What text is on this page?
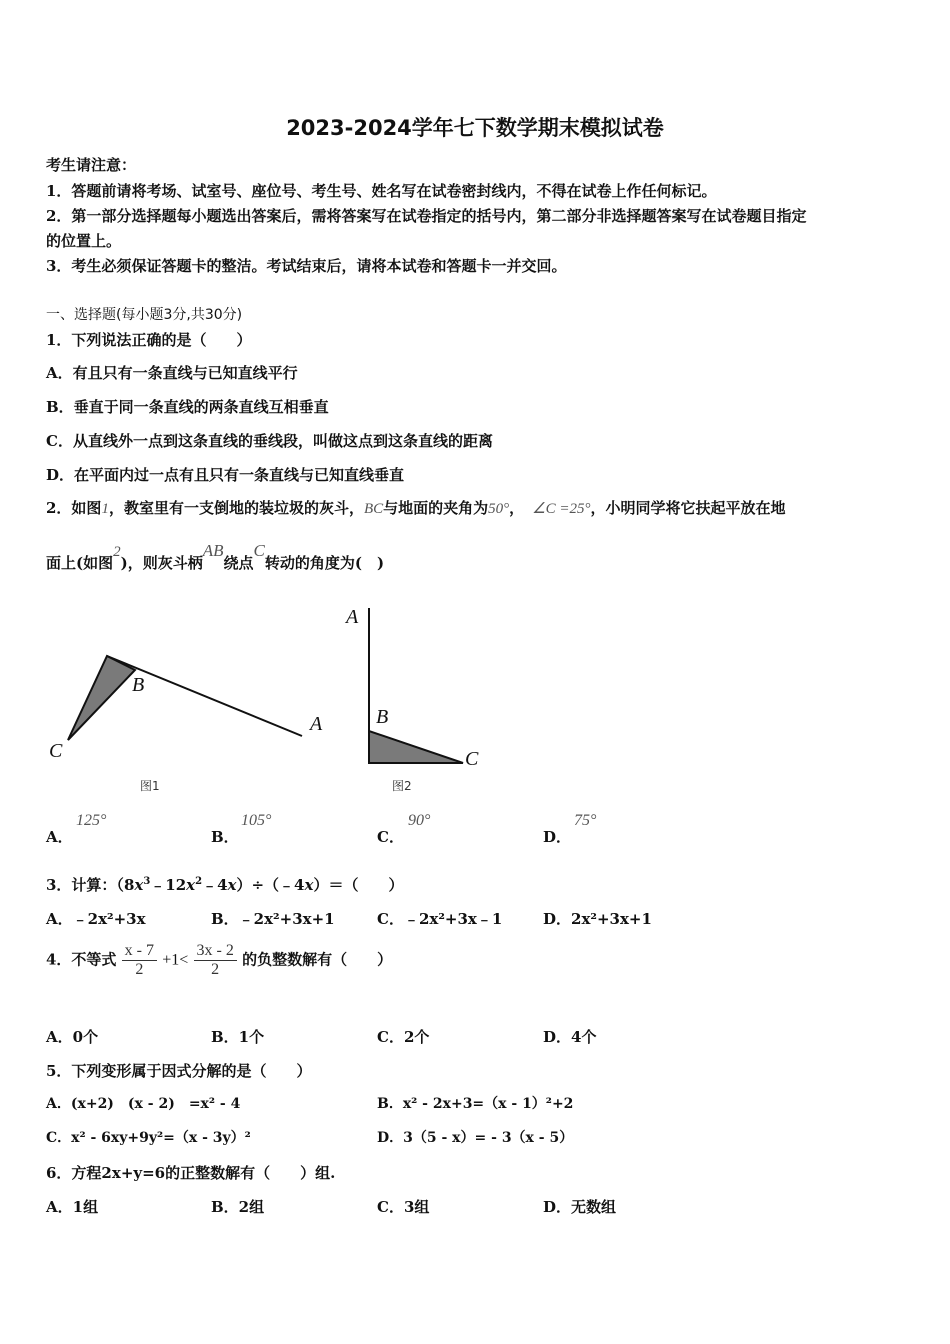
2023-2024学年七下数学期末模拟试卷
考生请注意：
1．答题前请将考场、试室号、座位号、考生号、姓名写在试卷密封线内，不得在试卷上作任何标记。
2．第一部分选择题每小题选出答案后，需将答案写在试卷指定的括号内，第二部分非选择题答案写在试卷题目指定
的位置上。
3．考生必须保证答题卡的整洁。考试结束后，请将本试卷和答题卡一并交回。
一、选择题(每小题3分,共30分)
1．下列说法正确的是（　　）
A．有且只有一条直线与已知直线平行
B．垂直于同一条直线的两条直线互相垂直
C．从直线外一点到这条直线的垂线段，叫做这点到这条直线的距离
D．在平面内过一点有且只有一条直线与已知直线垂直
2．如图1，教室里有一支倒地的装垃圾的灰斗，BC与地面的夹角为50°， ∠C =25°，小明同学将它扶起平放在地
面上(如图2)，则灰斗柄AB绕点C转动的角度为(　)
C
B
A
图1
A
B
C
图2
A．
125°
B．
105°
C．
90°
D．
75°
3．计算：$(8x^3﹣12x^2﹣4x)\div(﹣4x)=$（　　）
A．﹣2x²+3x	B．﹣2x²+3x+1	C．﹣2x²+3x﹣1	D．2x²+3x+1
4．不等式 $\frac{x - 7}{2} +1< \frac{3x - 2}{2}$ 的负整数解有（　　）
A．0个	B．1个	C．2个	D．4个
5．下列变形属于因式分解的是（　　）
A．(x+2)　(x - 2)　=x² - 4	B．x² - 2x+3=（x - 1）²+2
C．x² - 6xy+9y²=（x - 3y）²	D．3（5 - x）= - 3（x - 5）
6．方程2x+y=6的正整数解有（　　）组.
A．1组	B．2组	C．3组	D．无数组
